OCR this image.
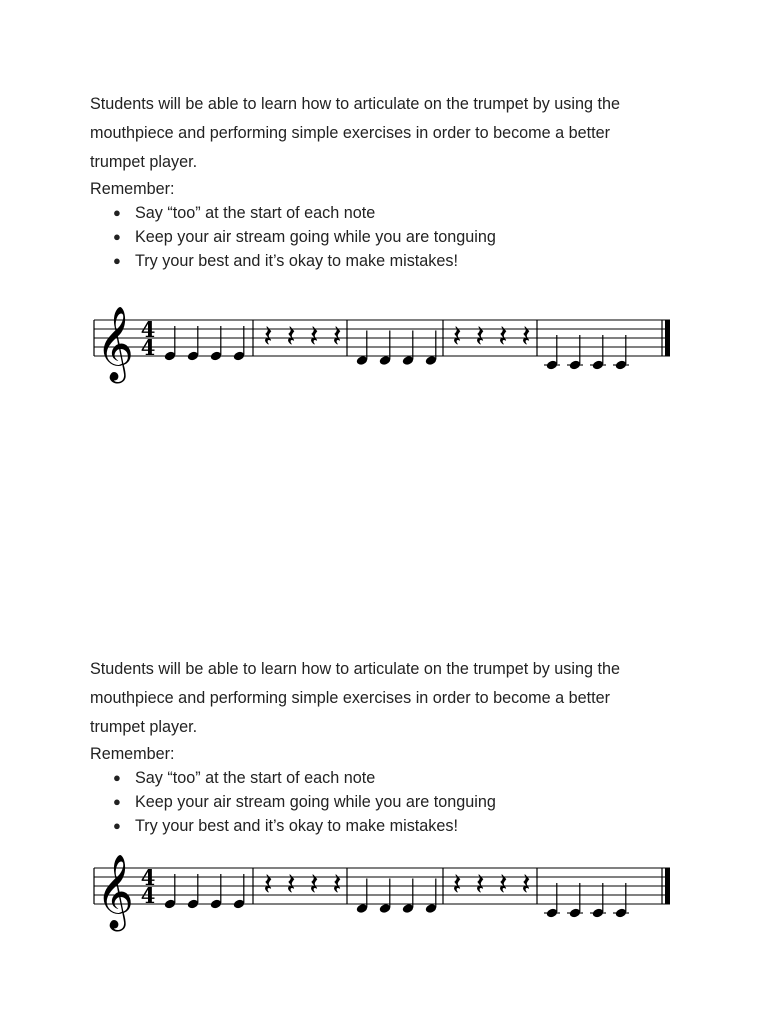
Students will be able to learn how to articulate on the trumpet by using the
mouthpiece and performing simple exercises in order to become a better
trumpet player.

Remember:

● Say “too” at the start of each note
● Keep your air stream going while you are tonguing
● Try your best and it’s okay to make mistakes!
𝄞 4
4	𝄽 𝄽 𝄽 𝄽	𝄽 𝄽 𝄽 𝄽

Students will be able to learn how to articulate on the trumpet by using the
mouthpiece and performing simple exercises in order to become a better
trumpet player.

Remember:

● Say “too” at the start of each note
● Keep your air stream going while you are tonguing
● Try your best and it’s okay to make mistakes!
𝄞 4
4	𝄽 𝄽 𝄽 𝄽	𝄽 𝄽 𝄽 𝄽
